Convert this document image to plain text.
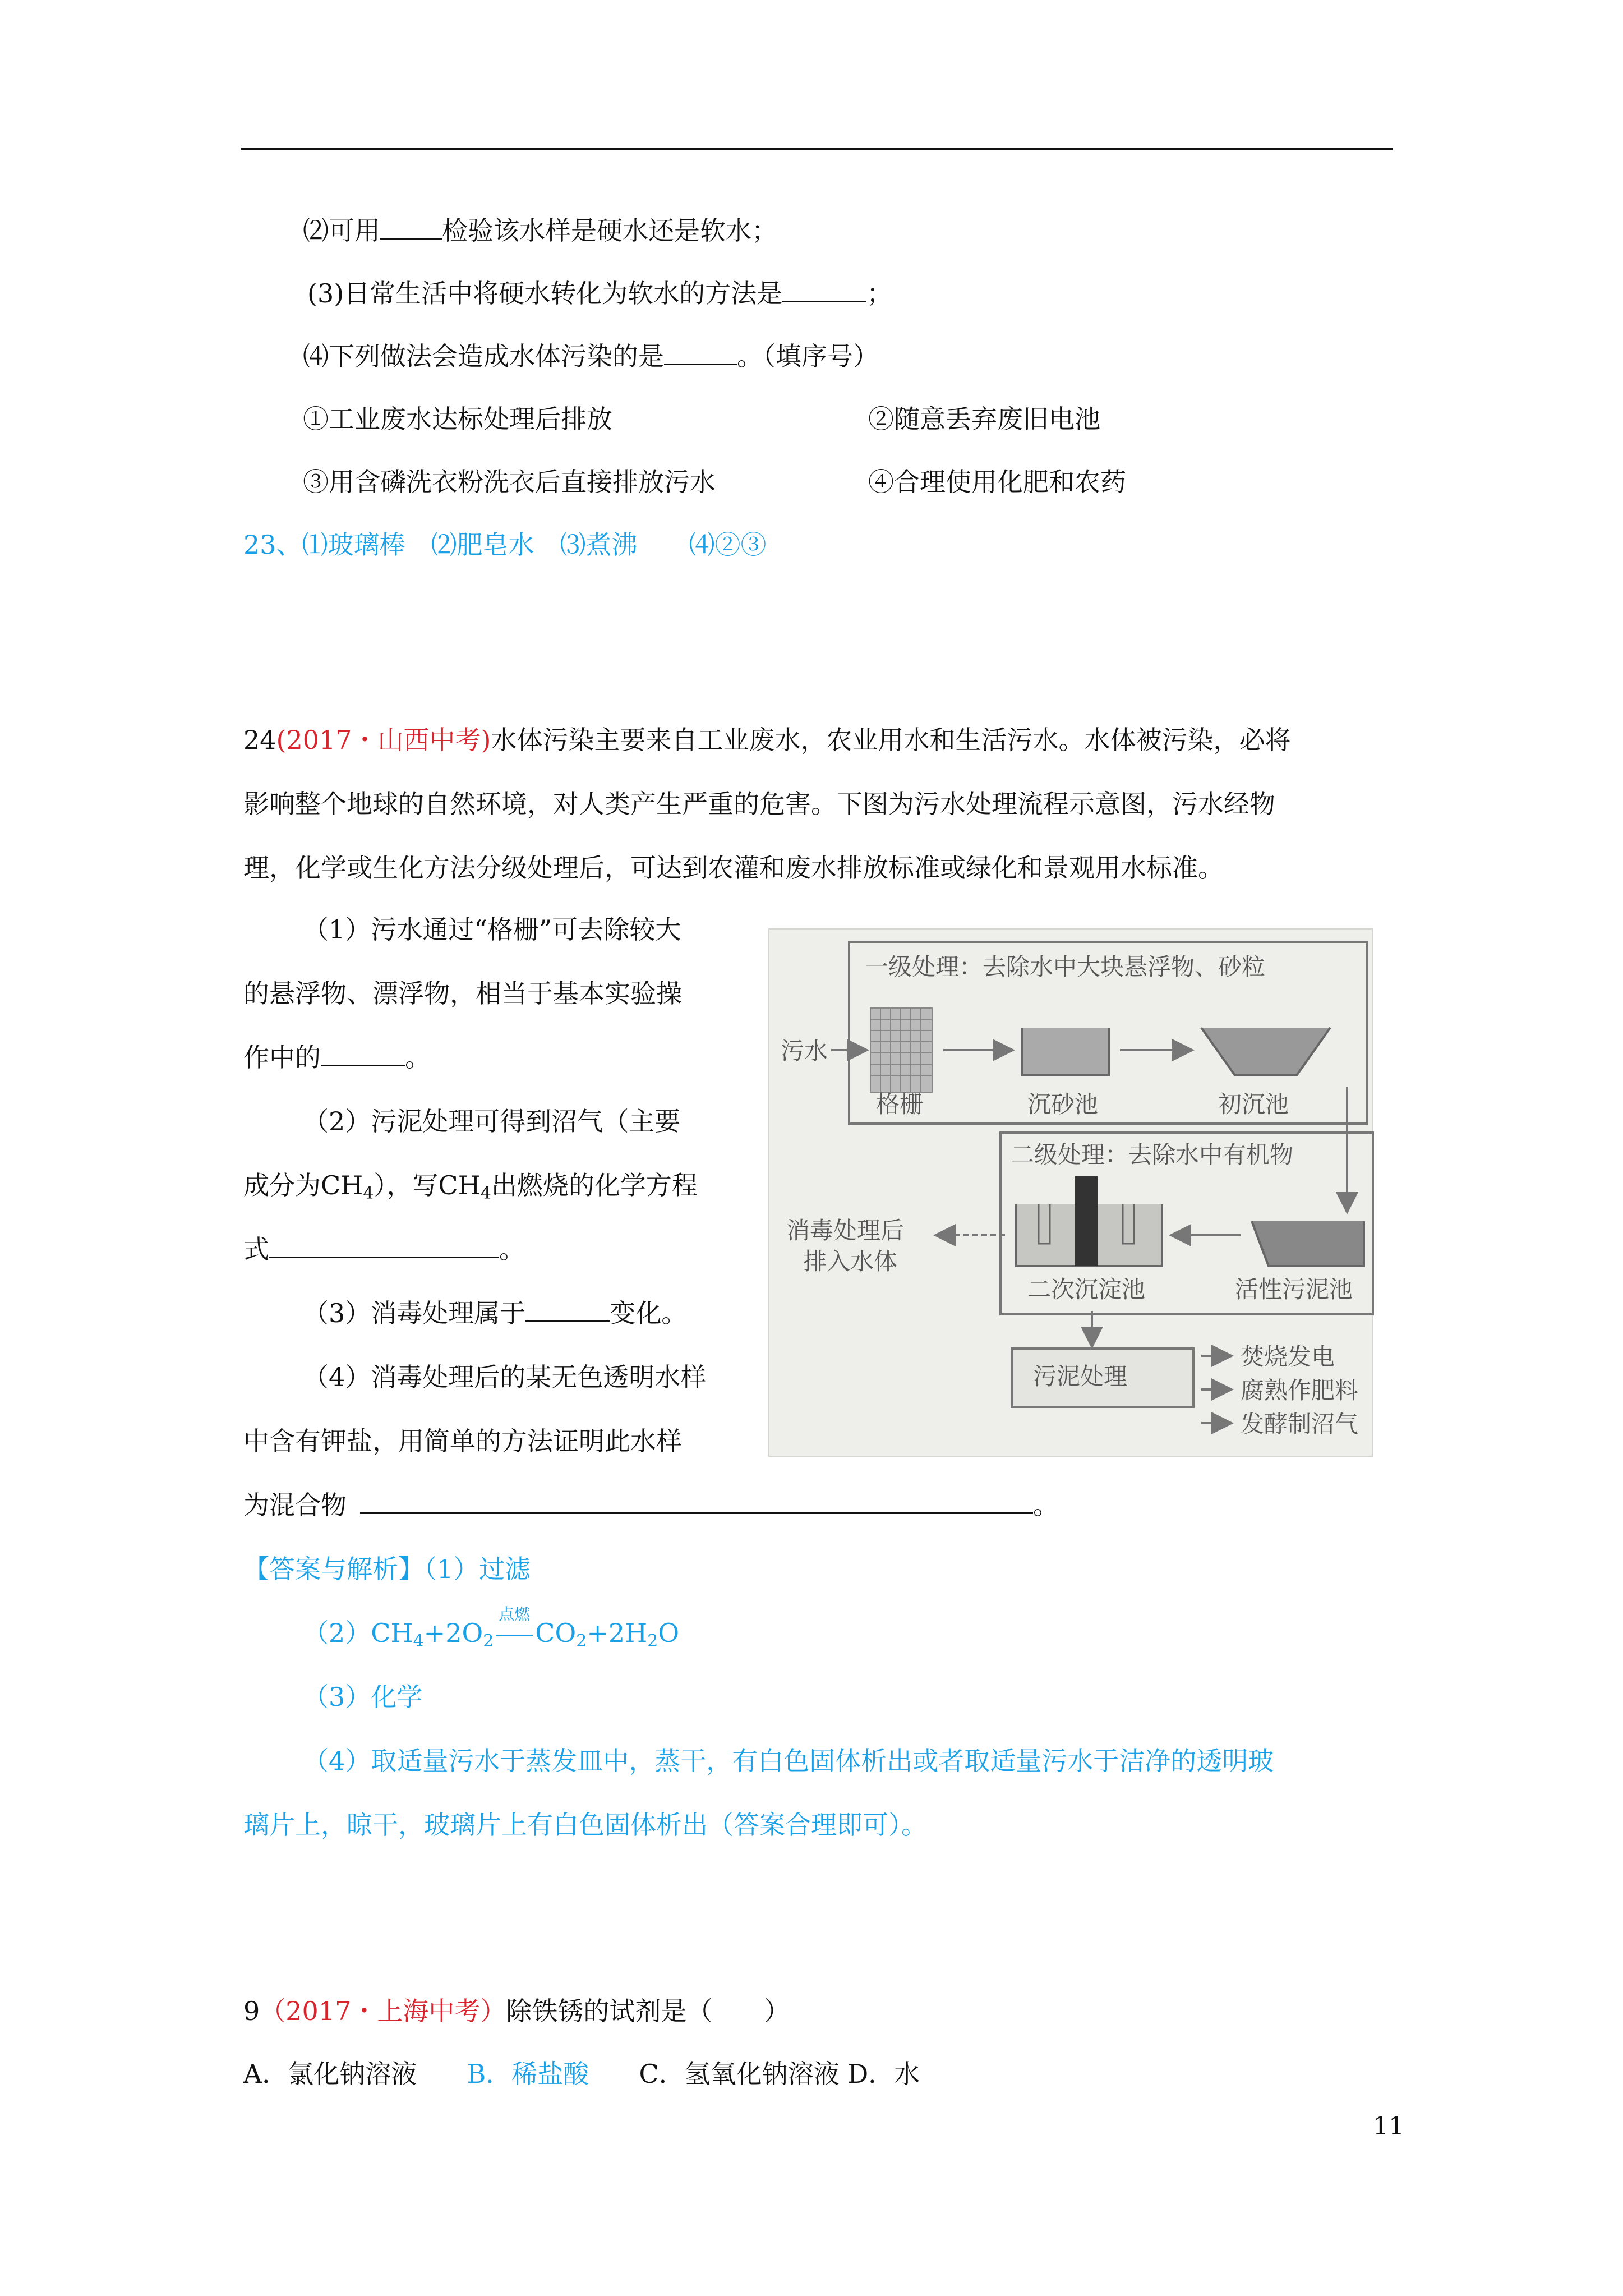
⑵可用 检验该水样是硬水还是软水；
(3)日常生活中将硬水转化为软水的方法是	；
⑷下列做法会造成水体污染的是	。（填序号）
①工业废水达标处理后排放	②随意丢弃废旧电池
③用含磷洗衣粉洗衣后直接排放污水	④合理使用化肥和农药
23、⑴玻璃棒　⑵肥皂水　⑶煮沸　　⑷②③
24(2017・山西中考)水体污染主要来自工业废水，农业用水和生活污水。水体被污染，必将
影响整个地球的自然环境，对人类产生严重的危害。下图为污水处理流程示意图，污水经物
理，化学或生化方法分级处理后，可达到农灌和废水排放标准或绿化和景观用水标准。
（1）污水通过“格栅”可去除较大
的悬浮物、漂浮物，相当于基本实验操
作中的	。
（2）污泥处理可得到沼气（主要
成分为$CH_4$），写$CH_4$出燃烧的化学方程
式	。
（3）消毒处理属于	变化。
（4）消毒处理后的某无色透明水样
中含有钾盐，用简单的方法证明此水样
为混合物	。
【答案与解析】（1）过滤
$(2)CH_4+2O_2$
点燃
$CO_2+2H_2O$
（3）化学
（4）取适量污水于蒸发皿中，蒸干，有白色固体析出或者取适量污水于洁净的透明玻
璃片上，晾干，玻璃片上有白色固体析出（答案合理即可）。
一级处理：去除水中大块悬浮物、砂粒
污水
格栅	沉砂池	初沉池
二级处理：去除水中有机物
消毒处理后
排入水体
二次沉淀池	活性污泥池
污泥处理
焚烧发电
腐熟作肥料
发酵制沼气
9（2017・上海中考）除铁锈的试剂是（　　）
A．氯化钠溶液 B．稀盐酸 C．氢氧化钠溶液 D．水
11
